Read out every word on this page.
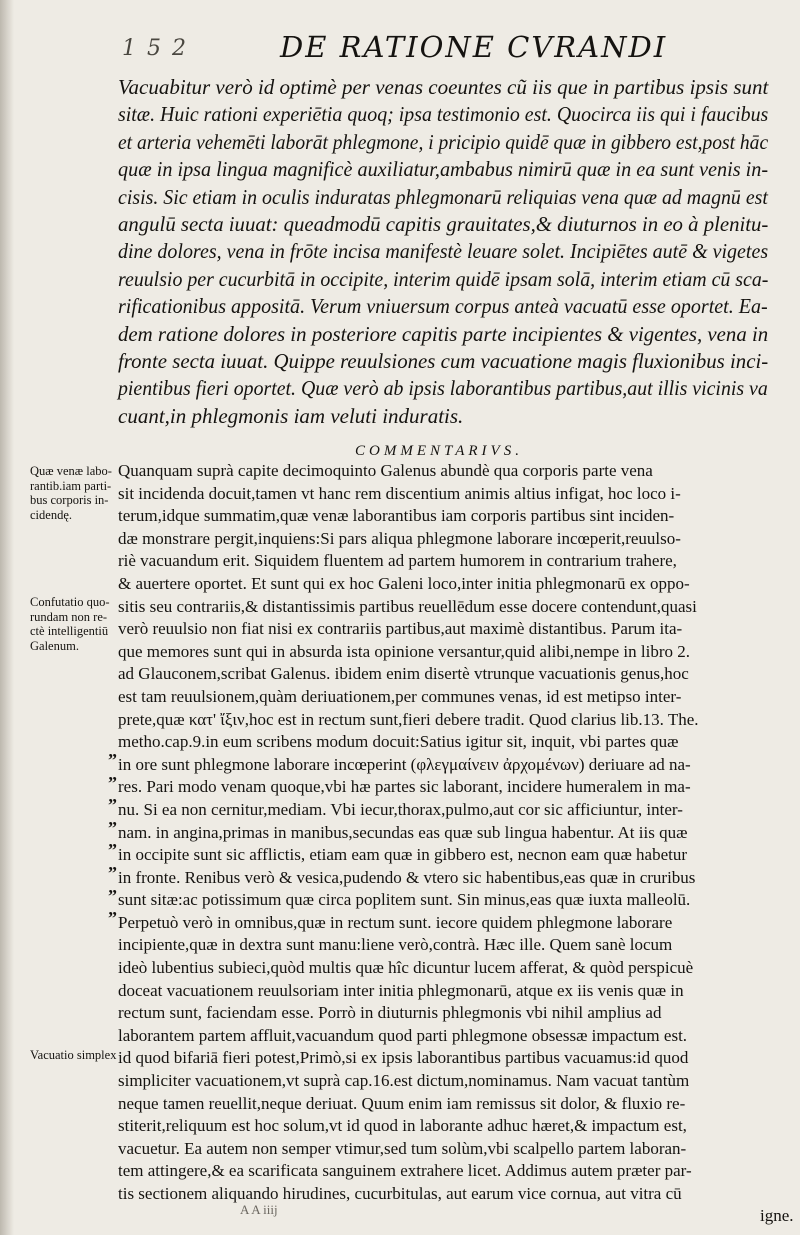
1 5 2	DE RATIONE CVRANDI
Vacuabitur verò id optimè per venas coeuntes cũ iis que in partibus ipsis sunt
sitæ. Huic rationi experiētia quoq; ipsa testimonio est. Quocirca iis qui i faucibus
et arteria vehemēti laborāt phlegmone, i pricipio quidē quæ in gibbero est,post hāc
quæ in ipsa lingua magnificè auxiliatur,ambabus nimirū quæ in ea sunt venis in-
cisis. Sic etiam in oculis induratas phlegmonarū reliquias vena quæ ad magnū est
angulū secta iuuat: queadmodū capitis grauitates,& diuturnos in eo à plenitu-
dine dolores, vena in frōte incisa manifestè leuare solet. Incipiētes autē & vigetes
reuulsio per cucurbitā in occipite, interim quidē ipsam solā, interim etiam cū sca-
rificationibus appositā. Verum vniuersum corpus anteà vacuatū esse oportet. Ea-
dem ratione dolores in posteriore capitis parte incipientes & vigentes, vena in
fronte secta iuuat. Quippe reuulsiones cum vacuatione magis fluxionibus inci-
pientibus fieri oportet. Quæ verò ab ipsis laborantibus partibus,aut illis vicinis va
cuant,in phlegmonis iam veluti induratis.
COMMENTARIVS.
Quæ venæ labo-
rantib.iam parti-
bus corporis in-
cidendę.
Confutatio quo-
rundam non re-
ctè intelligentiū
Galenum.
Vacuatio simplex
”
”
”
”
”
”
”
”
Quanquam suprà capite decimoquinto Galenus abundè qua corporis parte vena
sit incidenda docuit,tamen vt hanc rem discentium animis altius infigat, hoc loco i-
terum,idque summatim,quæ venæ laborantibus iam corporis partibus sint inciden-
dæ monstrare pergit,inquiens:Si pars aliqua phlegmone laborare incœperit,reuulso-
riè vacuandum erit. Siquidem fluentem ad partem humorem in contrarium trahere,
& auertere oportet. Et sunt qui ex hoc Galeni loco,inter initia phlegmonarū ex oppo-
sitis seu contrariis,& distantissimis partibus reuellēdum esse docere contendunt,quasi
verò reuulsio non fiat nisi ex contrariis partibus,aut maximè distantibus. Parum ita-
que memores sunt qui in absurda ista opinione versantur,quid alibi,nempe in libro 2.
ad Glauconem,scribat Galenus. ibidem enim disertè vtrunque vacuationis genus,hoc
est tam reuulsionem,quàm deriuationem,per communes venas, id est metipso inter-
prete,quæ κατ' ἴξιν,hoc est in rectum sunt,fieri debere tradit. Quod clarius lib.13. The.
metho.cap.9.in eum scribens modum docuit:Satius igitur sit, inquit, vbi partes quæ
in ore sunt phlegmone laborare incœperint (φλεγμαίνειν ἀρχομένων) deriuare ad na-
res. Pari modo venam quoque,vbi hæ partes sic laborant, incidere humeralem in ma-
nu. Si ea non cernitur,mediam. Vbi iecur,thorax,pulmo,aut cor sic afficiuntur, inter-
nam. in angina,primas in manibus,secundas eas quæ sub lingua habentur. At iis quæ
in occipite sunt sic afflictis, etiam eam quæ in gibbero est, necnon eam quæ habetur
in fronte. Renibus verò & vesica,pudendo & vtero sic habentibus,eas quæ in cruribus
sunt sitæ:ac potissimum quæ circa poplitem sunt. Sin minus,eas quæ iuxta malleolū.
Perpetuò verò in omnibus,quæ in rectum sunt. iecore quidem phlegmone laborare
incipiente,quæ in dextra sunt manu:liene verò,contrà. Hæc ille. Quem sanè locum
ideò lubentius subieci,quòd multis quæ hîc dicuntur lucem afferat, & quòd perspicuè
doceat vacuationem reuulsoriam inter initia phlegmonarū, atque ex iis venis quæ in
rectum sunt, faciendam esse. Porrò in diuturnis phlegmonis vbi nihil amplius ad
laborantem partem affluit,vacuandum quod parti phlegmone obsessæ impactum est.
id quod bifariā fieri potest,Primò,si ex ipsis laborantibus partibus vacuamus:id quod
simpliciter vacuationem,vt suprà cap.16.est dictum,nominamus. Nam vacuat tantùm
neque tamen reuellit,neque deriuat. Quum enim iam remissus sit dolor, & fluxio re-
stiterit,reliquum est hoc solum,vt id quod in laborante adhuc hæret,& impactum est,
vacuetur. Ea autem non semper vtimur,sed tum solùm,vbi scalpello partem laboran-
tem attingere,& ea scarificata sanguinem extrahere licet. Addimus autem præter par-
tis sectionem aliquando hirudines, cucurbitulas, aut earum vice cornua, aut vitra cū
A A iiij	igne.
